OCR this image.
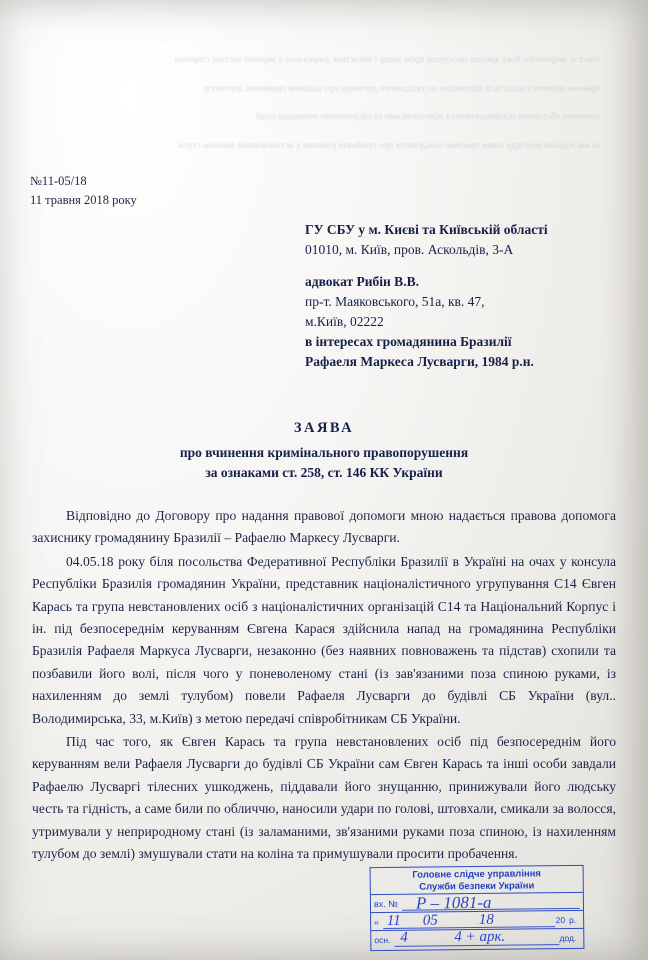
текст зі зворотного боку аркуша проступає крізь папір і читається дзеркально у верхній частині сторінки

правова допомога надається відповідно до укладеного договору про надання правничої допомоги

зазначені обставини підтверджуються відеозаписами та свідченнями очевидців події

за наслідками розгляду заяви просимо повідомити про прийняте рішення у встановлений законом строк

№11-05/18
11 травня 2018 року
ГУ СБУ у м. Києві та Київській області
01010, м. Київ, пров. Аскольдів, 3-А
адвокат Рибін В.В.
пр-т. Маяковського, 51а, кв. 47,
м.Київ, 02222
в інтересах громадянина Бразилії
Рафаеля Маркеса Лусварги, 1984 р.н.
ЗАЯВА
про вчинення кримінального правопорушення
за ознаками ст. 258, ст. 146 КК України

Відповідно до Договору про надання правової допомоги мною надається правова допомога захиснику громадянину Бразилії – Рафаелю Маркесу Лусварги.

04.05.18 року біля посольства Федеративної Республіки Бразилії в Україні на очах у консула Республіки Бразилія громадянин України, представник націоналістичного угрупування С14 Євген Карась та група невстановлених осіб з націоналістичних організацій С14 та Національний Корпус і ін. під безпосереднім керуванням Євгена Карася здійснила напад на громадянина Республіки Бразилія Рафаеля Маркуса Лусварги, незаконно (без наявних повноважень та підстав) схопили та позбавили його волі, після чого у поневоленому стані (із зав'язаними поза спиною руками, із нахиленням до землі тулубом) повели Рафаеля Лусварги до будівлі СБ України (вул.. Володимирська, 33, м.Київ) з метою передачі співробітникам СБ України.

Під час того, як Євген Карась та група невстановлених осіб під безпосереднім його керуванням вели Рафаеля Лусварги до будівлі СБ України сам Євген Карась та інші особи завдали Рафаелю Лусваргі тілесних ушкоджень, піддавали його знущанню, принижували його людську честь та гідність, а саме били по обличчю, наносили удари по голові, штовхали, смикали за волосся, утримували у неприродному стані (із заламаними, зв'язаними руками поза спиною, із нахиленням тулубом до землі) змушували стати на коліна та примушували просити пробачення.

Головне слідче управління
Служби безпеки України
вх. № Р – 1081-а
« 11 05	18	20 р.
осн. 4	4 + арк.	дод.
